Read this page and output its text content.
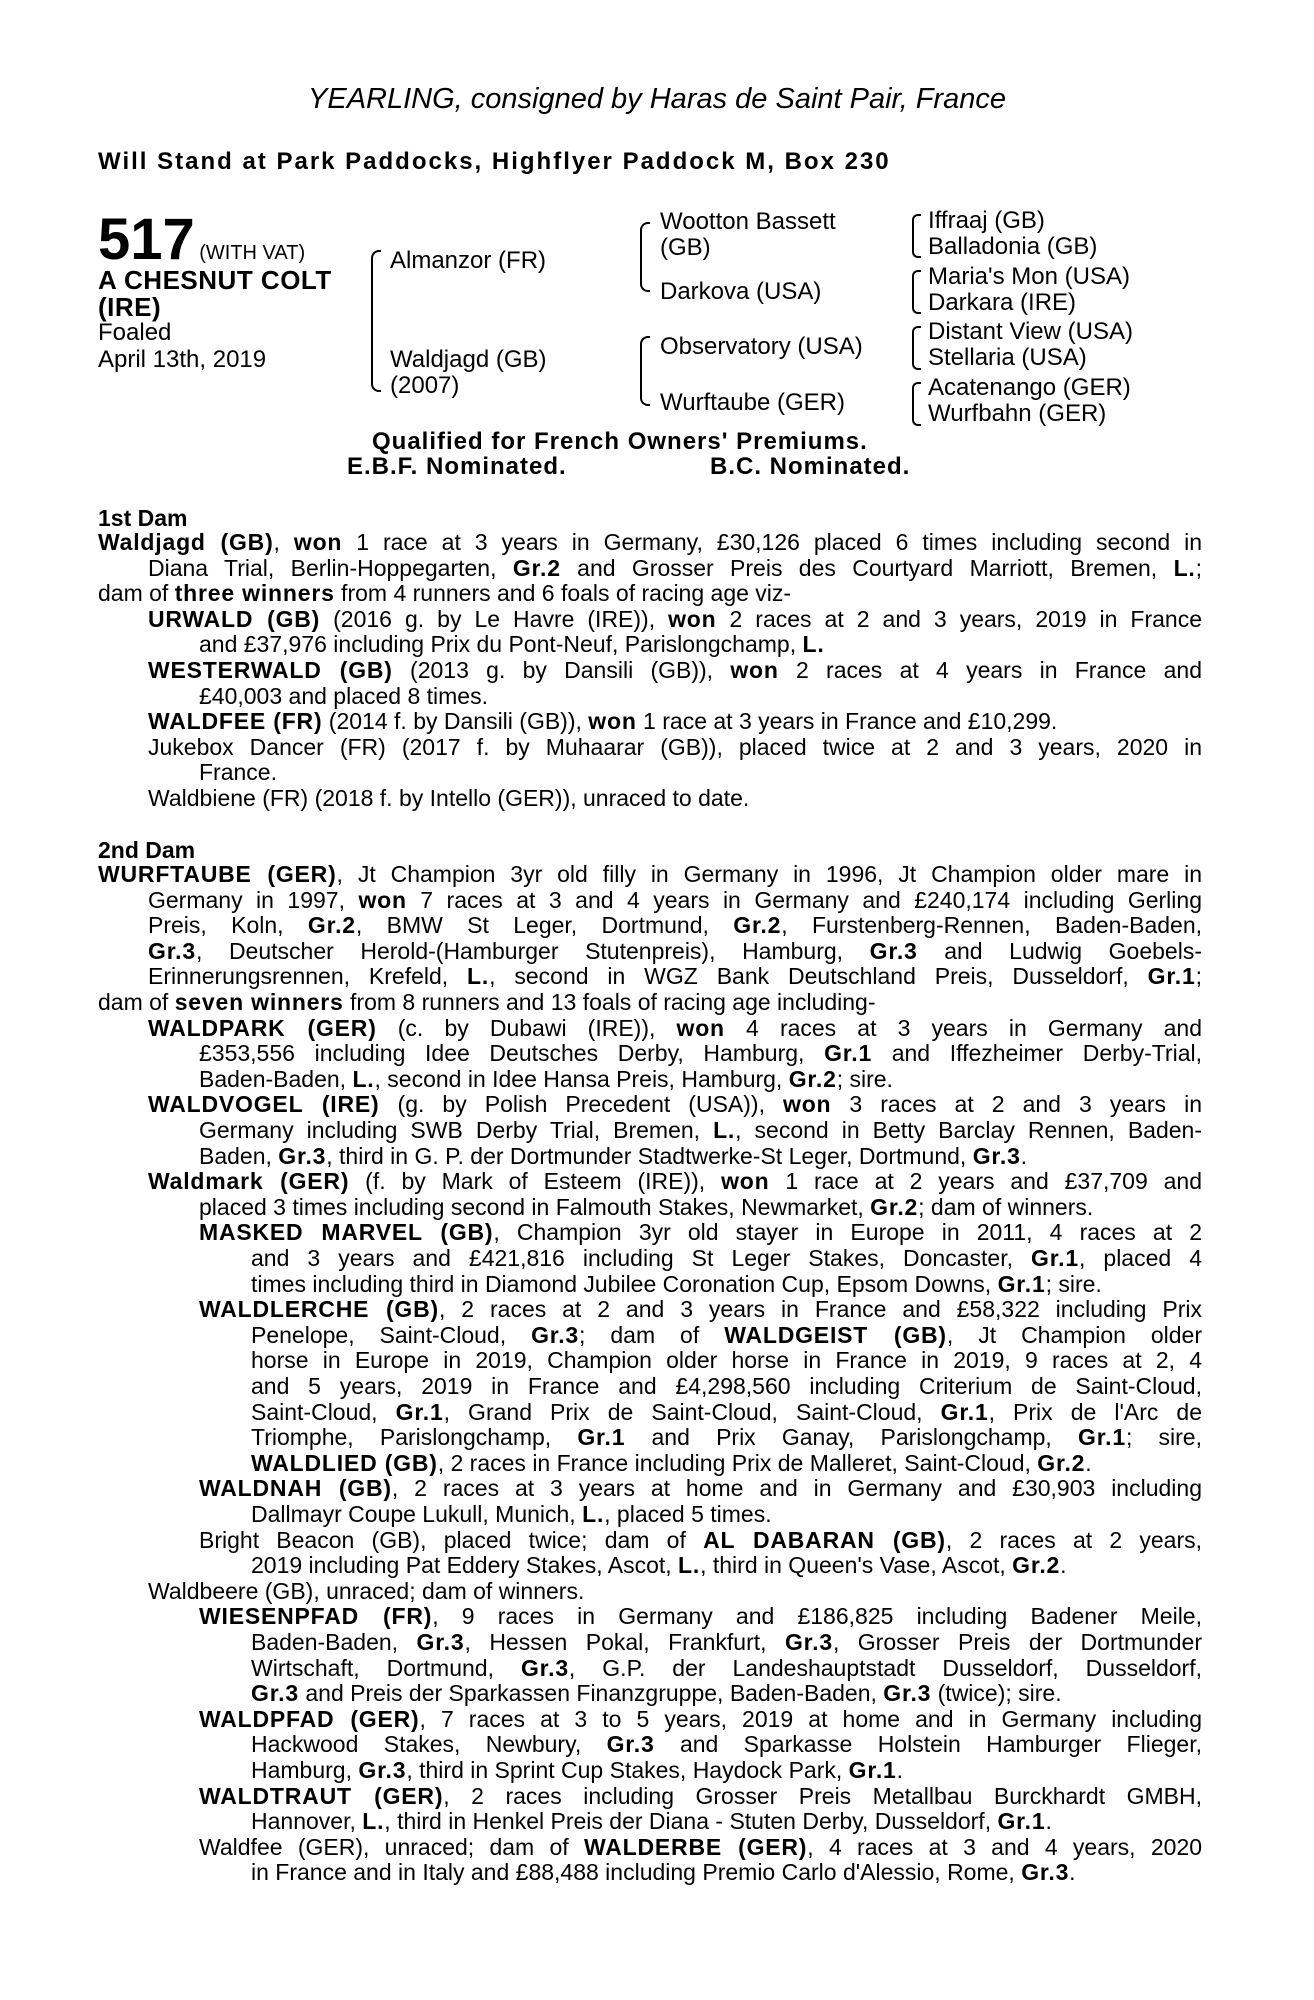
YEARLING, consigned by Haras de Saint Pair, France
Will Stand at Park Paddocks, Highflyer Paddock M, Box 230
517 (WITH VAT)
A CHESNUT COLT
(IRE)
Foaled
April 13th, 2019
Almanzor (FR)
Waldjagd (GB)
(2007)
Wootton Bassett
(GB)
Darkova (USA)
Observatory (USA)
Wurftaube (GER)
Iffraaj (GB)
Balladonia (GB)
Maria's Mon (USA)
Darkara (IRE)
Distant View (USA)
Stellaria (USA)
Acatenango (GER)
Wurfbahn (GER)
Qualified for French Owners' Premiums.
E.B.F. Nominated.	B.C. Nominated.
1st Dam
Waldjagd (GB), won 1 race at 3 years in Germany, £30,126 placed 6 times including second in
Diana Trial, Berlin-Hoppegarten, Gr.2 and Grosser Preis des Courtyard Marriott, Bremen, L.;
dam of three winners from 4 runners and 6 foals of racing age viz-
URWALD (GB) (2016 g. by Le Havre (IRE)), won 2 races at 2 and 3 years, 2019 in France
and £37,976 including Prix du Pont-Neuf, Parislongchamp, L.
WESTERWALD (GB) (2013 g. by Dansili (GB)), won 2 races at 4 years in France and
£40,003 and placed 8 times.
WALDFEE (FR) (2014 f. by Dansili (GB)), won 1 race at 3 years in France and £10,299.
Jukebox Dancer (FR) (2017 f. by Muhaarar (GB)), placed twice at 2 and 3 years, 2020 in
France.
Waldbiene (FR) (2018 f. by Intello (GER)), unraced to date.
2nd Dam
WURFTAUBE (GER), Jt Champion 3yr old filly in Germany in 1996, Jt Champion older mare in
Germany in 1997, won 7 races at 3 and 4 years in Germany and £240,174 including Gerling
Preis, Koln, Gr.2, BMW St Leger, Dortmund, Gr.2, Furstenberg-Rennen, Baden-Baden,
Gr.3, Deutscher Herold-(Hamburger Stutenpreis), Hamburg, Gr.3 and Ludwig Goebels-
Erinnerungsrennen, Krefeld, L., second in WGZ Bank Deutschland Preis, Dusseldorf, Gr.1;
dam of seven winners from 8 runners and 13 foals of racing age including-
WALDPARK (GER) (c. by Dubawi (IRE)), won 4 races at 3 years in Germany and
£353,556 including Idee Deutsches Derby, Hamburg, Gr.1 and Iffezheimer Derby-Trial,
Baden-Baden, L., second in Idee Hansa Preis, Hamburg, Gr.2; sire.
WALDVOGEL (IRE) (g. by Polish Precedent (USA)), won 3 races at 2 and 3 years in
Germany including SWB Derby Trial, Bremen, L., second in Betty Barclay Rennen, Baden-
Baden, Gr.3, third in G. P. der Dortmunder Stadtwerke-St Leger, Dortmund, Gr.3.
Waldmark (GER) (f. by Mark of Esteem (IRE)), won 1 race at 2 years and £37,709 and
placed 3 times including second in Falmouth Stakes, Newmarket, Gr.2; dam of winners.
MASKED MARVEL (GB), Champion 3yr old stayer in Europe in 2011, 4 races at 2
and 3 years and £421,816 including St Leger Stakes, Doncaster, Gr.1, placed 4
times including third in Diamond Jubilee Coronation Cup, Epsom Downs, Gr.1; sire.
WALDLERCHE (GB), 2 races at 2 and 3 years in France and £58,322 including Prix
Penelope, Saint-Cloud, Gr.3; dam of WALDGEIST (GB), Jt Champion older
horse in Europe in 2019, Champion older horse in France in 2019, 9 races at 2, 4
and 5 years, 2019 in France and £4,298,560 including Criterium de Saint-Cloud,
Saint-Cloud, Gr.1, Grand Prix de Saint-Cloud, Saint-Cloud, Gr.1, Prix de l'Arc de
Triomphe, Parislongchamp, Gr.1 and Prix Ganay, Parislongchamp, Gr.1; sire,
WALDLIED (GB), 2 races in France including Prix de Malleret, Saint-Cloud, Gr.2.
WALDNAH (GB), 2 races at 3 years at home and in Germany and £30,903 including
Dallmayr Coupe Lukull, Munich, L., placed 5 times.
Bright Beacon (GB), placed twice; dam of AL DABARAN (GB), 2 races at 2 years,
2019 including Pat Eddery Stakes, Ascot, L., third in Queen's Vase, Ascot, Gr.2.
Waldbeere (GB), unraced; dam of winners.
WIESENPFAD (FR), 9 races in Germany and £186,825 including Badener Meile,
Baden-Baden, Gr.3, Hessen Pokal, Frankfurt, Gr.3, Grosser Preis der Dortmunder
Wirtschaft, Dortmund, Gr.3, G.P. der Landeshauptstadt Dusseldorf, Dusseldorf,
Gr.3 and Preis der Sparkassen Finanzgruppe, Baden-Baden, Gr.3 (twice); sire.
WALDPFAD (GER), 7 races at 3 to 5 years, 2019 at home and in Germany including
Hackwood Stakes, Newbury, Gr.3 and Sparkasse Holstein Hamburger Flieger,
Hamburg, Gr.3, third in Sprint Cup Stakes, Haydock Park, Gr.1.
WALDTRAUT (GER), 2 races including Grosser Preis Metallbau Burckhardt GMBH,
Hannover, L., third in Henkel Preis der Diana - Stuten Derby, Dusseldorf, Gr.1.
Waldfee (GER), unraced; dam of WALDERBE (GER), 4 races at 3 and 4 years, 2020
in France and in Italy and £88,488 including Premio Carlo d'Alessio, Rome, Gr.3.
